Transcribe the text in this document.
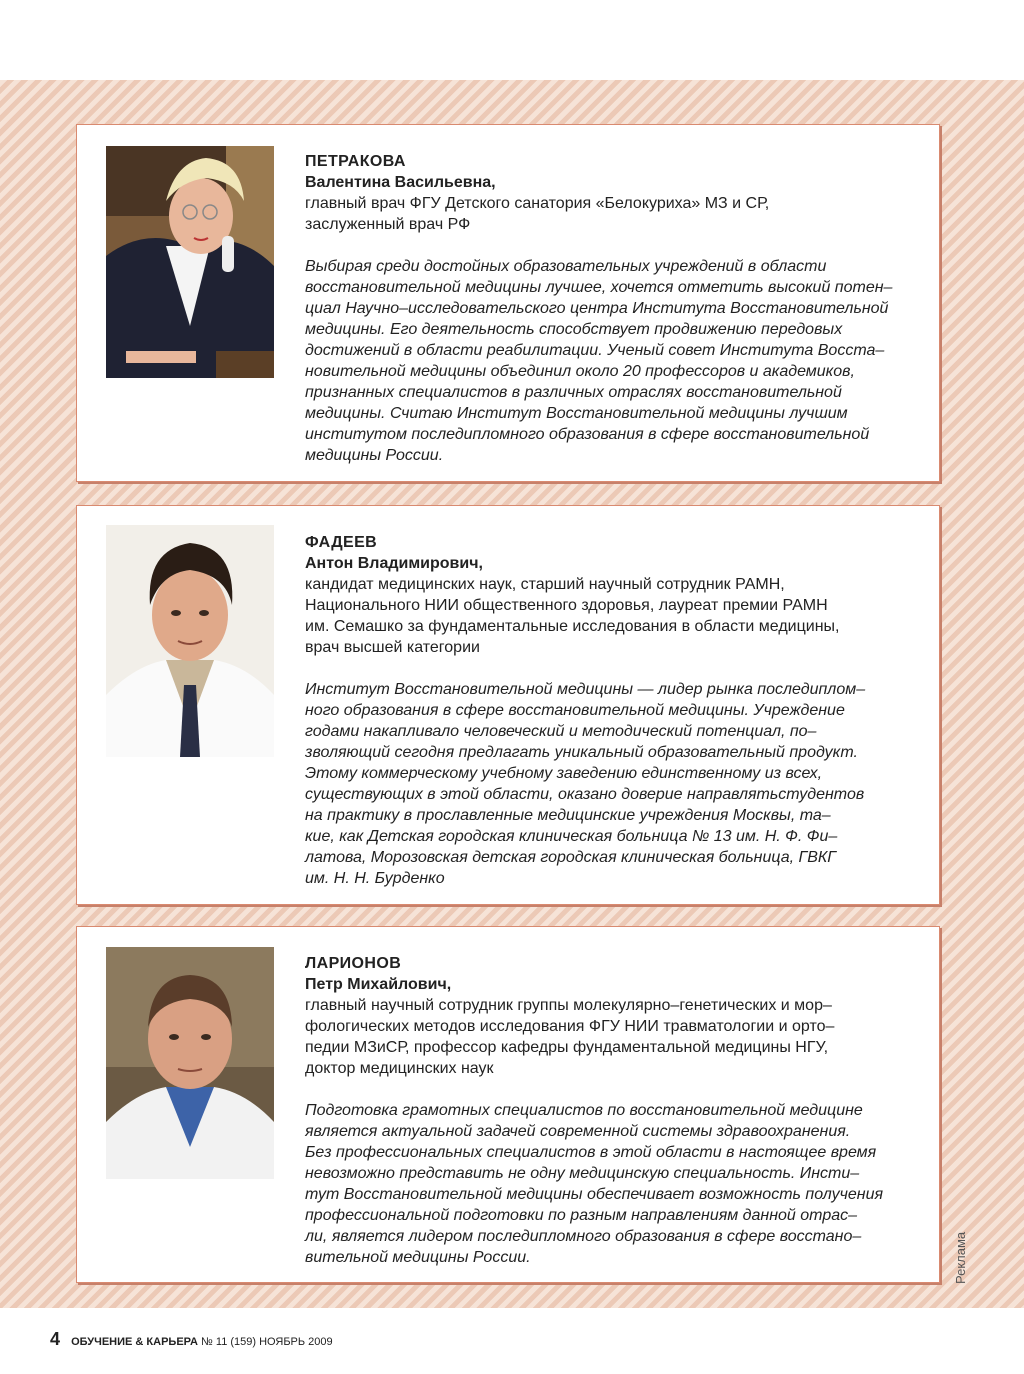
ПЕТРАКОВА
Валентина Васильевна,
главный врач ФГУ Детского санатория «Белокуриха» МЗ и СР,
заслуженный врач РФ
Выбирая среди достойных образовательных учреждений в области
восстановительной медицины лучшее, хочется отметить высокий потен–
циал Научно–исследовательского центра Института Восстановительной
медицины. Его деятельность способствует продвижению передовых
достижений в области реабилитации. Ученый совет Института Восста–
новительной медицины объединил около 20 профессоров и академиков,
признанных специалистов в различных отраслях восстановительной
медицины. Считаю Институт Восстановительной медицины лучшим
институтом последипломного образования в сфере восстановительной
медицины России.
ФАДЕЕВ
Антон Владимирович,
кандидат медицинских наук, старший научный сотрудник РАМН,
Национального НИИ общественного здоровья, лауреат премии РАМН
им. Семашко за фундаментальные исследования в области медицины,
врач высшей категории
Институт Восстановительной медицины — лидер рынка последиплом–
ного образования в сфере восстановительной медицины. Учреждение
годами накапливало человеческий и методический потенциал, по–
зволяющий сегодня предлагать уникальный образовательный продукт.
Этому коммерческому учебному заведению единственному из всех,
существующих в этой области, оказано доверие направлятьстудентов
на практику в прославленные медицинские учреждения Москвы, та–
кие, как Детская городская клиническая больница № 13 им. Н. Ф. Фи–
латова, Морозовская детская городская клиническая больница, ГВКГ
им. Н. Н. Бурденко
ЛАРИОНОВ
Петр Михайлович,
главный научный сотрудник группы молекулярно–генетических и мор–
фологических методов исследования ФГУ НИИ травматологии и орто–
педии МЗиСР, профессор кафедры фундаментальной медицины НГУ,
доктор медицинских наук
Подготовка грамотных специалистов по восстановительной медицине
является актуальной задачей современной системы здравоохранения.
Без профессиональных специалистов в этой области в настоящее время
невозможно представить не одну медицинскую специальность. Инсти–
тут Восстановительной медицины обеспечивает возможность получения
профессиональной подготовки по разным направлениям данной отрас–
ли, является лидером последипломного образования в сфере восстано–
вительной медицины России.	Реклама
4 ОБУЧЕНИЕ & КАРЬЕРА № 11 (159) НОЯБРЬ 2009
